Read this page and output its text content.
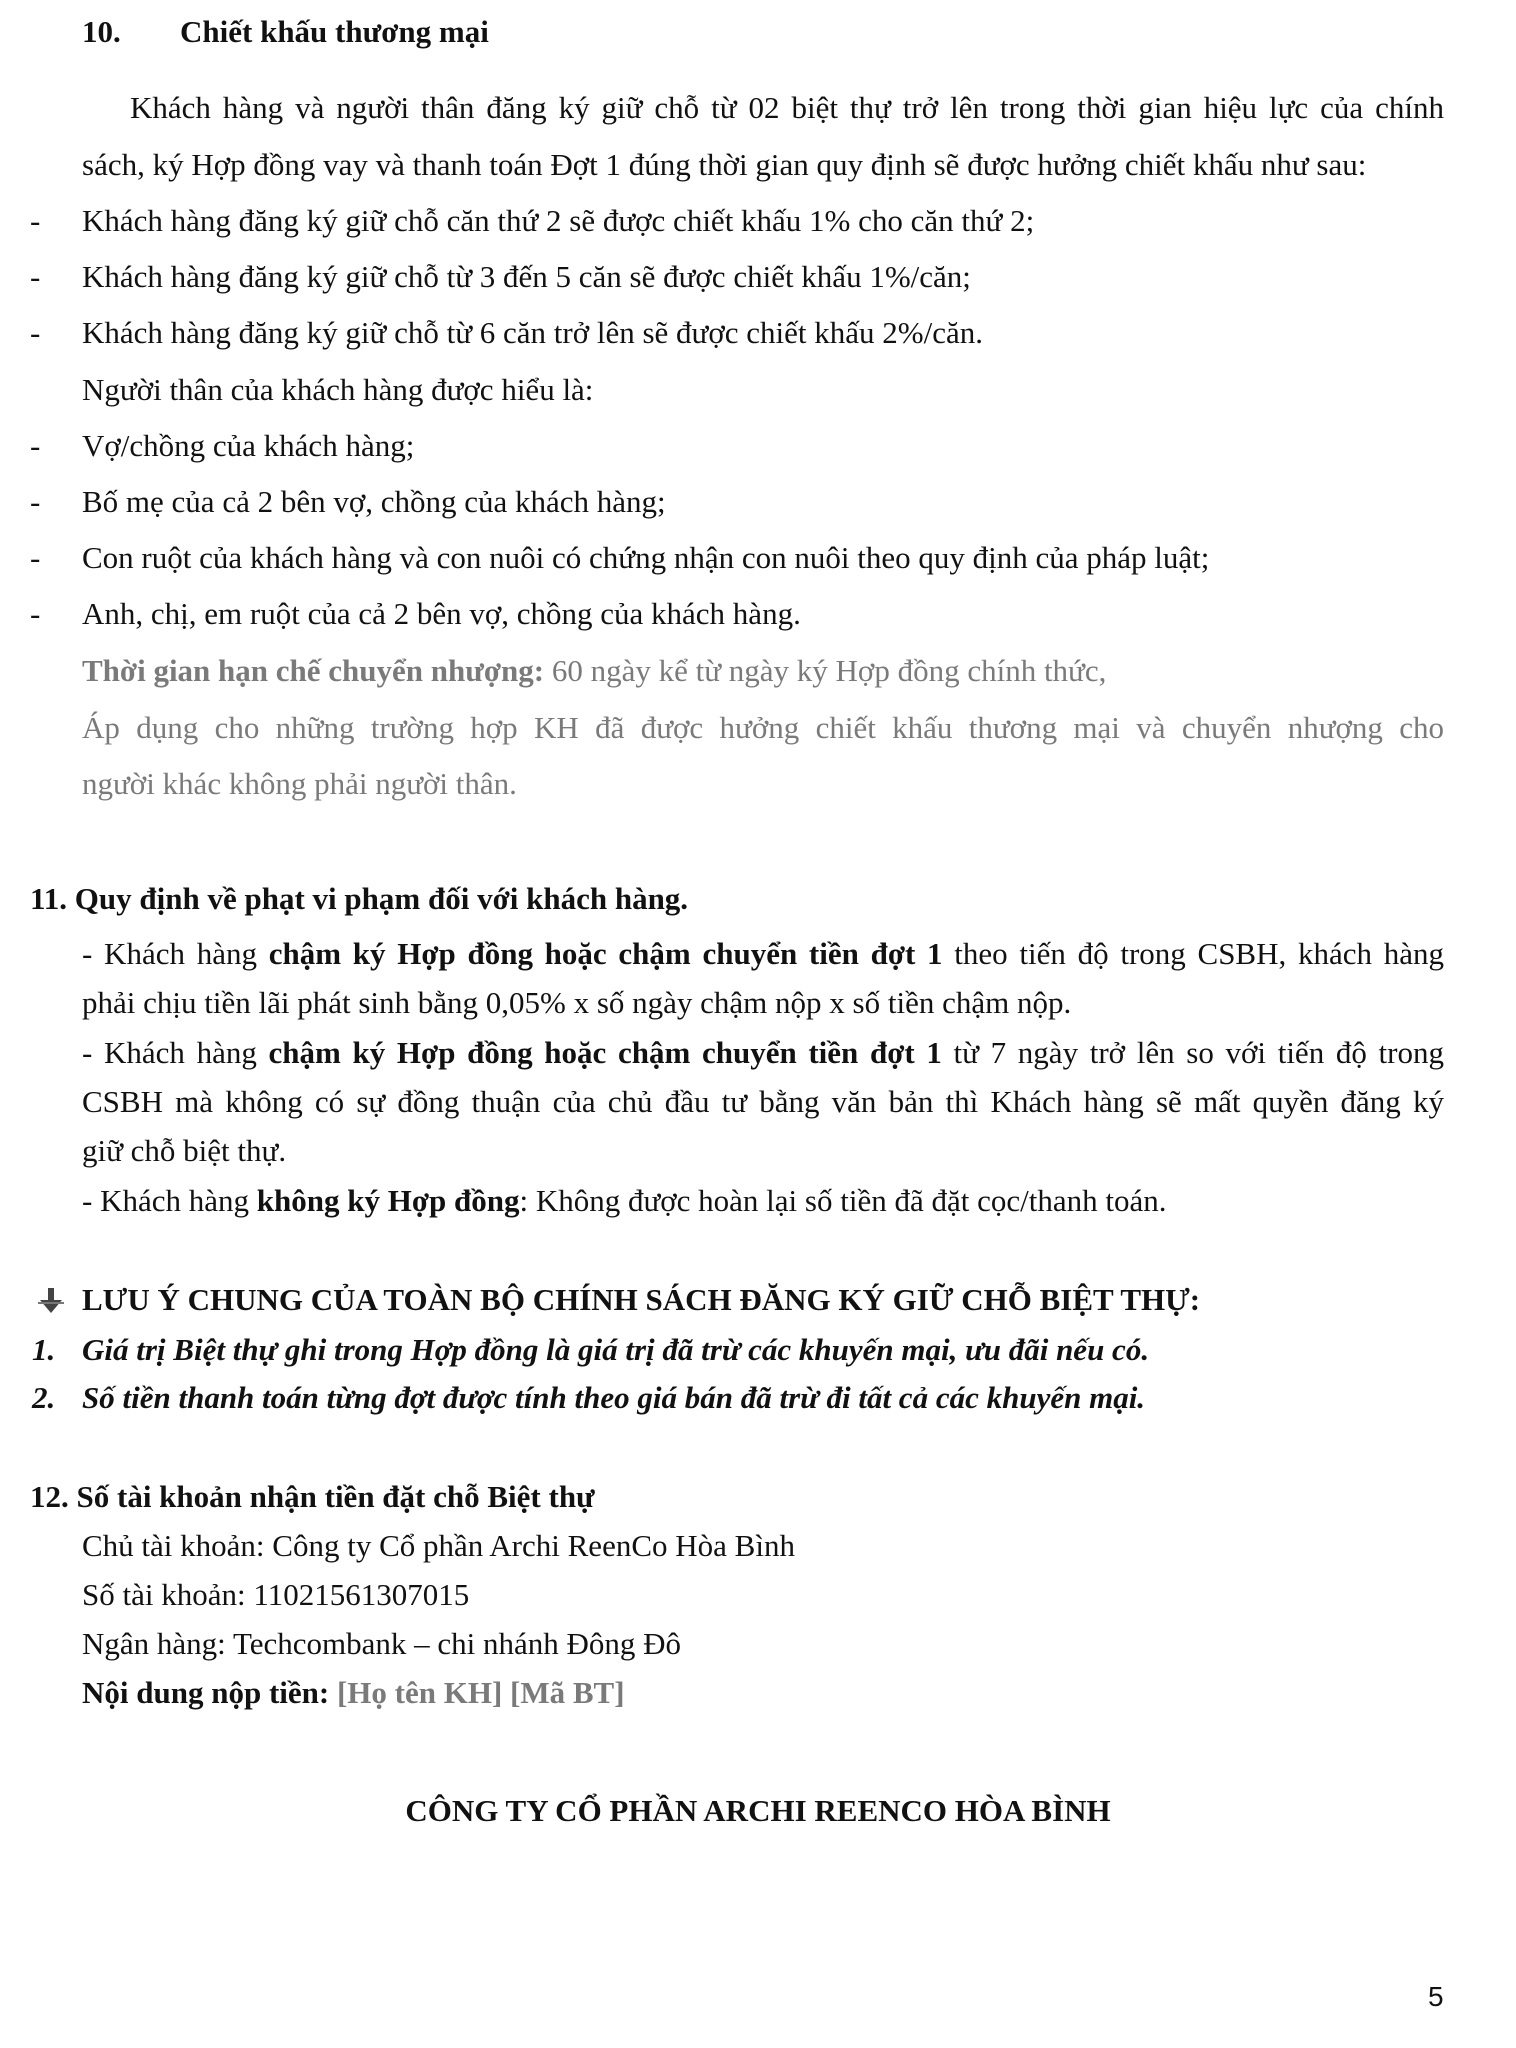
10. Chiết khấu thương mại
Khách hàng và người thân đăng ký giữ chỗ từ 02 biệt thự trở lên trong thời gian hiệu lực của chính
sách, ký Hợp đồng vay và thanh toán Đợt 1 đúng thời gian quy định sẽ được hưởng chiết khấu như sau:
- Khách hàng đăng ký giữ chỗ căn thứ 2 sẽ được chiết khấu 1% cho căn thứ 2;
- Khách hàng đăng ký giữ chỗ từ 3 đến 5 căn sẽ được chiết khấu 1%/căn;
- Khách hàng đăng ký giữ chỗ từ 6 căn trở lên sẽ được chiết khấu 2%/căn.
Người thân của khách hàng được hiểu là:
- Vợ/chồng của khách hàng;
- Bố mẹ của cả 2 bên vợ, chồng của khách hàng;
- Con ruột của khách hàng và con nuôi có chứng nhận con nuôi theo quy định của pháp luật;
- Anh, chị, em ruột của cả 2 bên vợ, chồng của khách hàng.
Thời gian hạn chế chuyển nhượng: 60 ngày kể từ ngày ký Hợp đồng chính thức,
Áp dụng cho những trường hợp KH đã được hưởng chiết khấu thương mại và chuyển nhượng cho
người khác không phải người thân.
11. Quy định về phạt vi phạm đối với khách hàng.
- Khách hàng chậm ký Hợp đồng hoặc chậm chuyển tiền đợt 1 theo tiến độ trong CSBH, khách hàng
phải chịu tiền lãi phát sinh bằng 0,05% x số ngày chậm nộp x số tiền chậm nộp.
- Khách hàng chậm ký Hợp đồng hoặc chậm chuyển tiền đợt 1 từ 7 ngày trở lên so với tiến độ trong
CSBH mà không có sự đồng thuận của chủ đầu tư bằng văn bản thì Khách hàng sẽ mất quyền đăng ký
giữ chỗ biệt thự.
- Khách hàng không ký Hợp đồng: Không được hoàn lại số tiền đã đặt cọc/thanh toán.
LƯU Ý CHUNG CỦA TOÀN BỘ CHÍNH SÁCH ĐĂNG KÝ GIỮ CHỖ BIỆT THỰ:
1. Giá trị Biệt thự ghi trong Hợp đồng là giá trị đã trừ các khuyến mại, ưu đãi nếu có.
2. Số tiền thanh toán từng đợt được tính theo giá bán đã trừ đi tất cả các khuyến mại.
12. Số tài khoản nhận tiền đặt chỗ Biệt thự
Chủ tài khoản: Công ty Cổ phần Archi ReenCo Hòa Bình
Số tài khoản: 11021561307015
Ngân hàng: Techcombank – chi nhánh Đông Đô
Nội dung nộp tiền: [Họ tên KH] [Mã BT]
CÔNG TY CỔ PHẦN ARCHI REENCO HÒA BÌNH
5
